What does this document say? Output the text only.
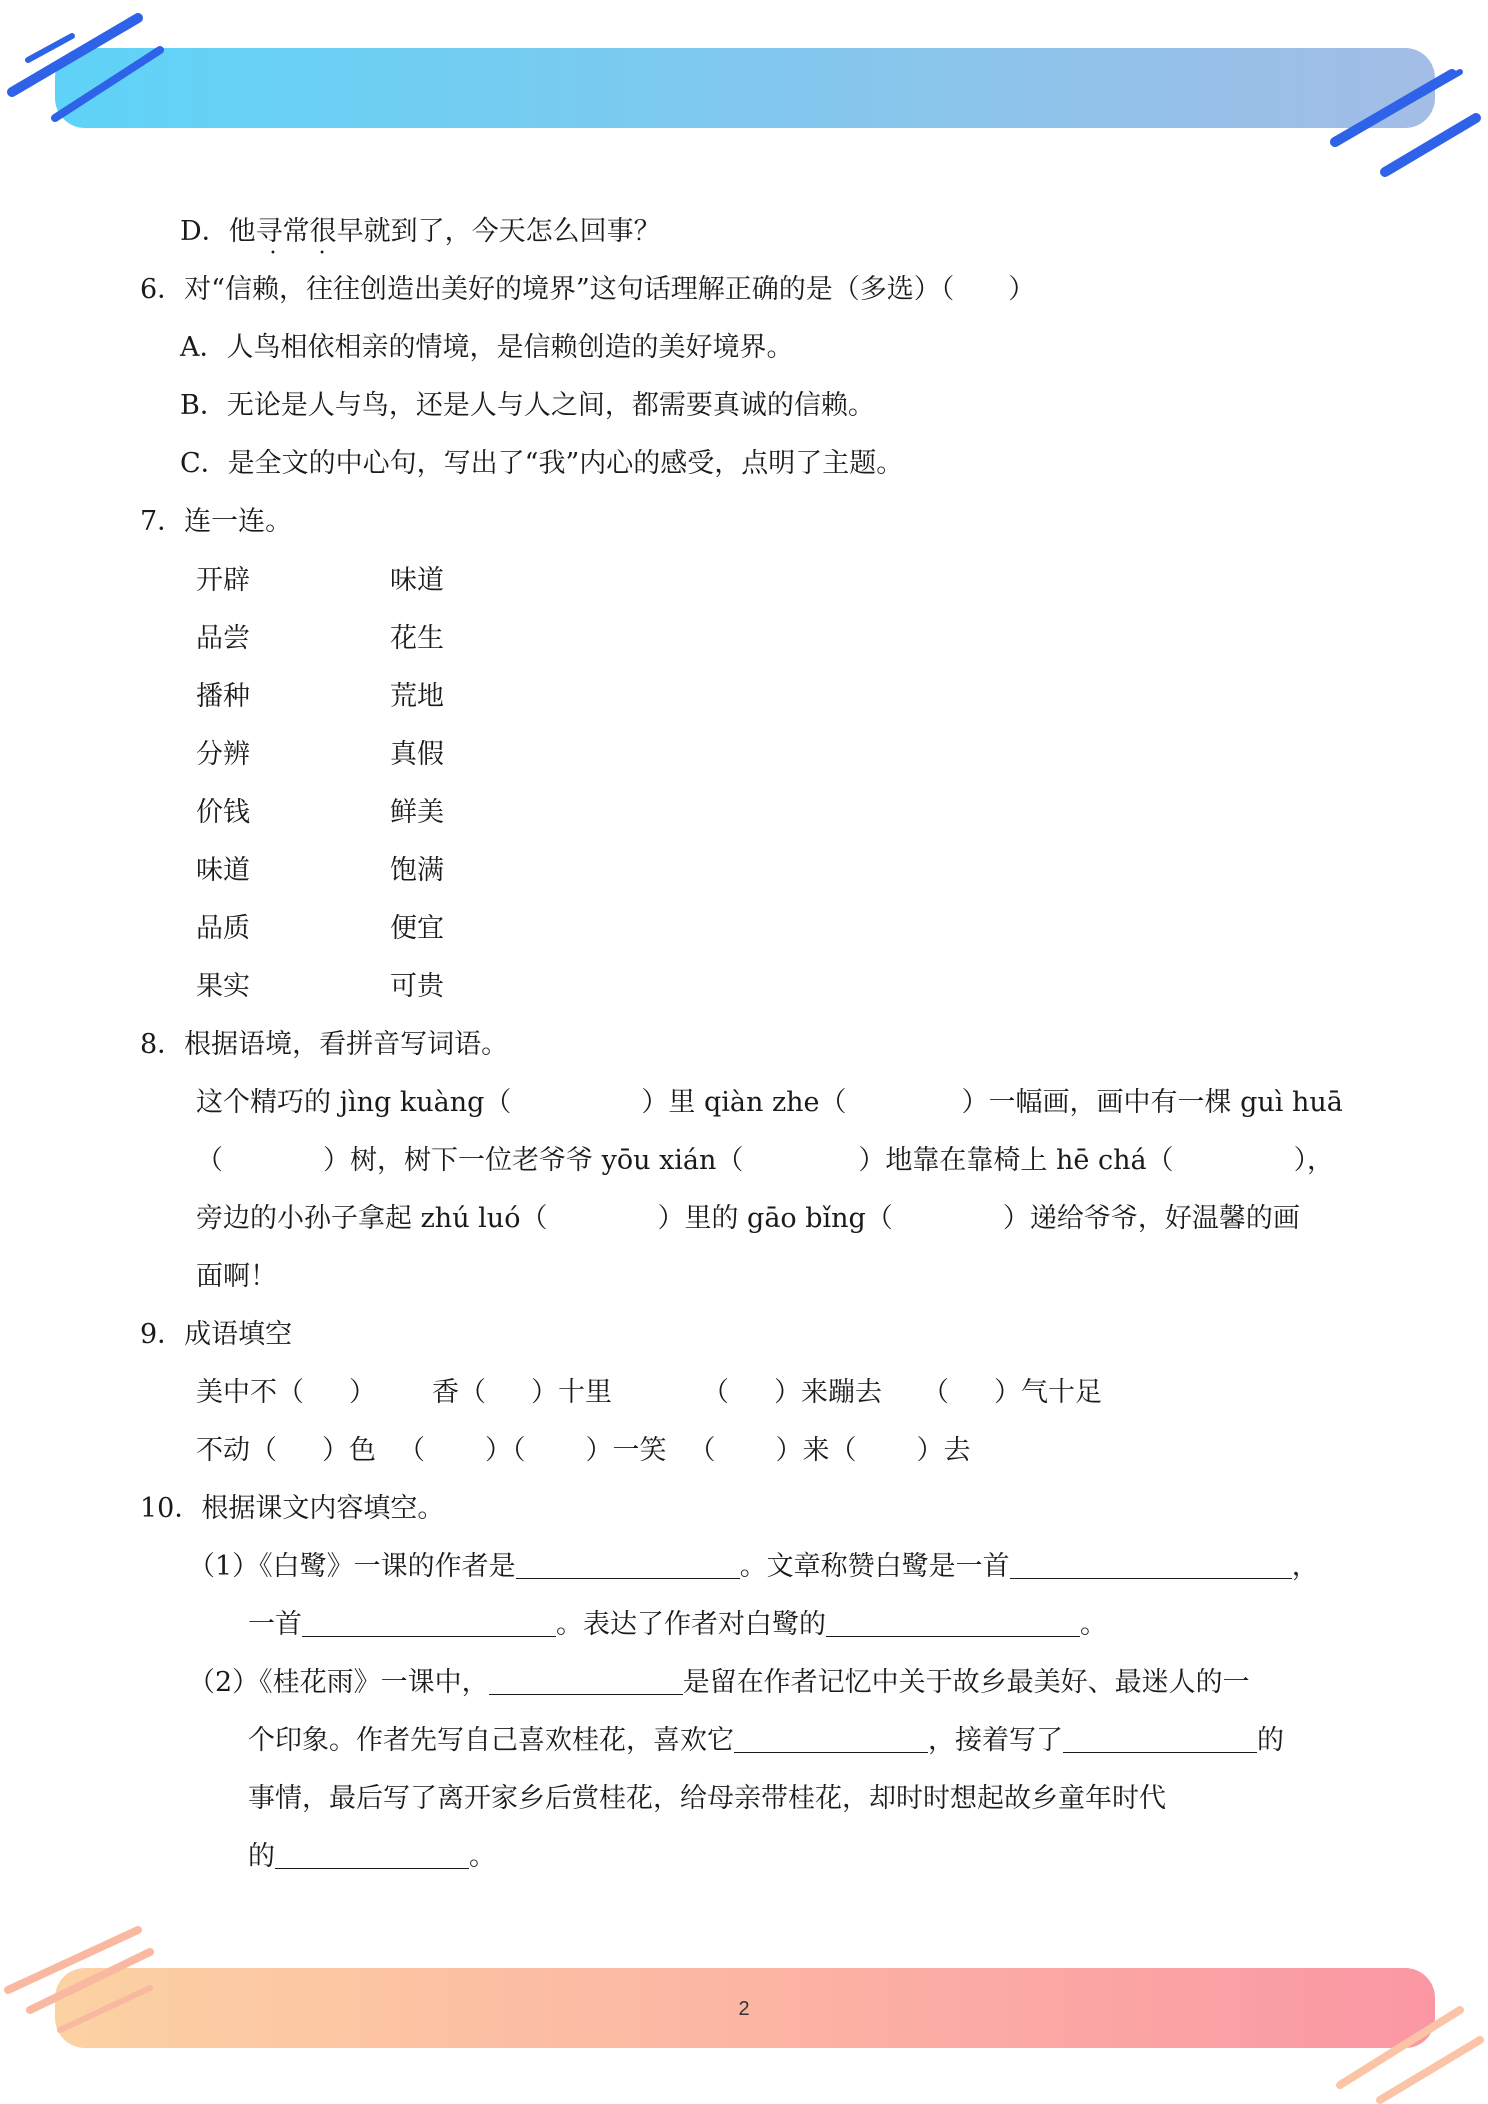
D．他寻常很早就到了，今天怎么回事？
• •
6．对“信赖，往往创造出美好的境界”这句话理解正确的是（多选）（　　）
A．人鸟相依相亲的情境，是信赖创造的美好境界。
B．无论是人与鸟，还是人与人之间，都需要真诚的信赖。
C．是全文的中心句，写出了“我”内心的感受，点明了主题。
7．连一连。
开辟	味道
品尝	花生
播种	荒地
分辨	真假
价钱	鲜美
味道	饱满
品质	便宜
果实	可贵
8．根据语境，看拼音写词语。
这个精巧的 jìng kuàng（	）里 qiàn zhe（	）一幅画，画中有一棵 guì huā
（	）树，树下一位老爷爷 yōu xián（	）地靠在靠椅上 hē chá（	），
旁边的小孙子拿起 zhú luó（	）里的 gāo bǐng（	）递给爷爷，好温馨的画
面啊！
9．成语填空
美中不（ ） 香（ ）十里	（ ）来蹦去 （ ）气十足
不动（ ）色 （ ）（ ）一笑 （ ）来（ ）去
10．根据课文内容填空。
（1）《白鹭》一课的作者是	。文章称赞白鹭是一首	，
一首	。表达了作者对白鹭的	。
（2）《桂花雨》一课中，	是留在作者记忆中关于故乡最美好、最迷人的一
个印象。作者先写自己喜欢桂花，喜欢它	，接着写了	的
事情，最后写了离开家乡后赏桂花，给母亲带桂花，却时时想起故乡童年时代
的	。
2
